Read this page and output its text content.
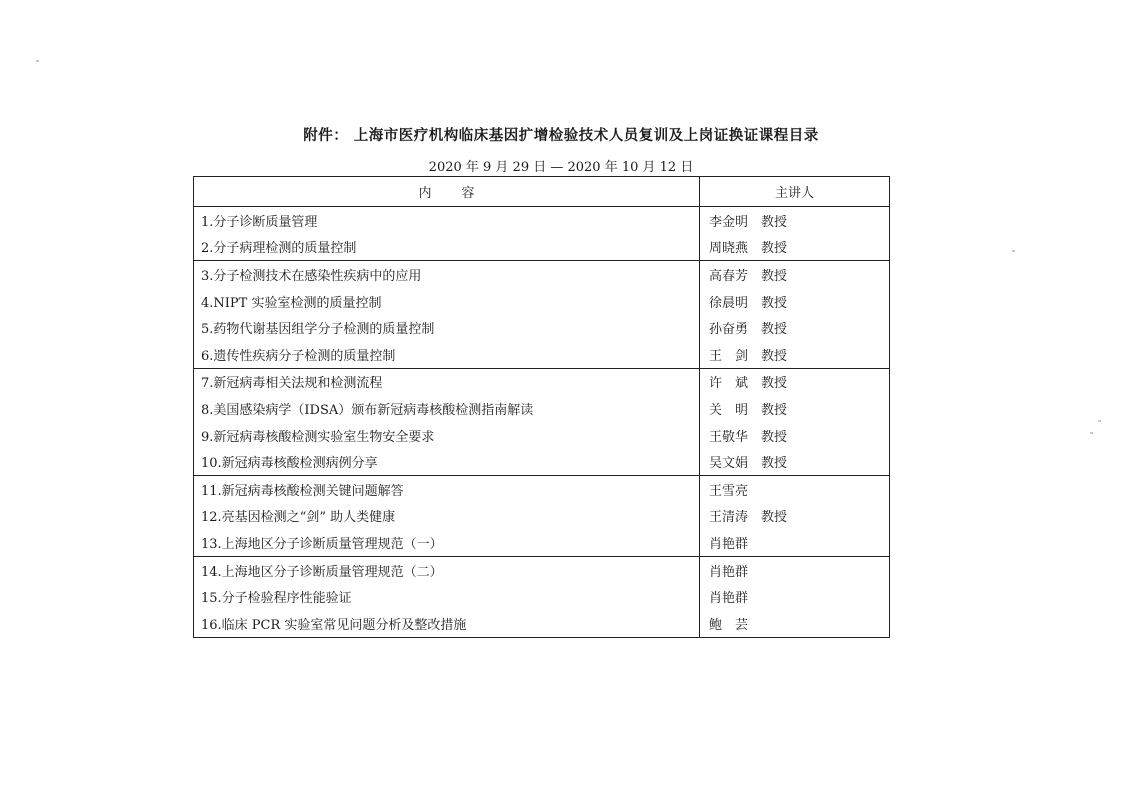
附件： 上海市医疗机构临床基因扩增检验技术人员复训及上岗证换证课程目录
2020 年 9 月 29 日 — 2020 年 10 月 12 日
内容	主讲人
1.分子诊断质量管理	李金明 教授
2.分子病理检测的质量控制	周晓燕 教授
3.分子检测技术在感染性疾病中的应用	高春芳 教授
4.NIPT 实验室检测的质量控制	徐晨明 教授
5.药物代谢基因组学分子检测的质量控制	孙奋勇 教授
6.遗传性疾病分子检测的质量控制	王　剑 教授
7.新冠病毒相关法规和检测流程	许　斌 教授
8.美国感染病学（IDSA）颁布新冠病毒核酸检测指南解读	关　明 教授
9.新冠病毒核酸检测实验室生物安全要求	王敬华 教授
10.新冠病毒核酸检测病例分享	吴文娟 教授
11.新冠病毒核酸检测关键问题解答	王雪亮
12.亮基因检测之“剑” 助人类健康	王清涛 教授
13.上海地区分子诊断质量管理规范（一）	肖艳群
14.上海地区分子诊断质量管理规范（二）	肖艳群
15.分子检验程序性能验证	肖艳群
16.临床 PCR 实验室常见问题分析及整改措施	鲍　芸
